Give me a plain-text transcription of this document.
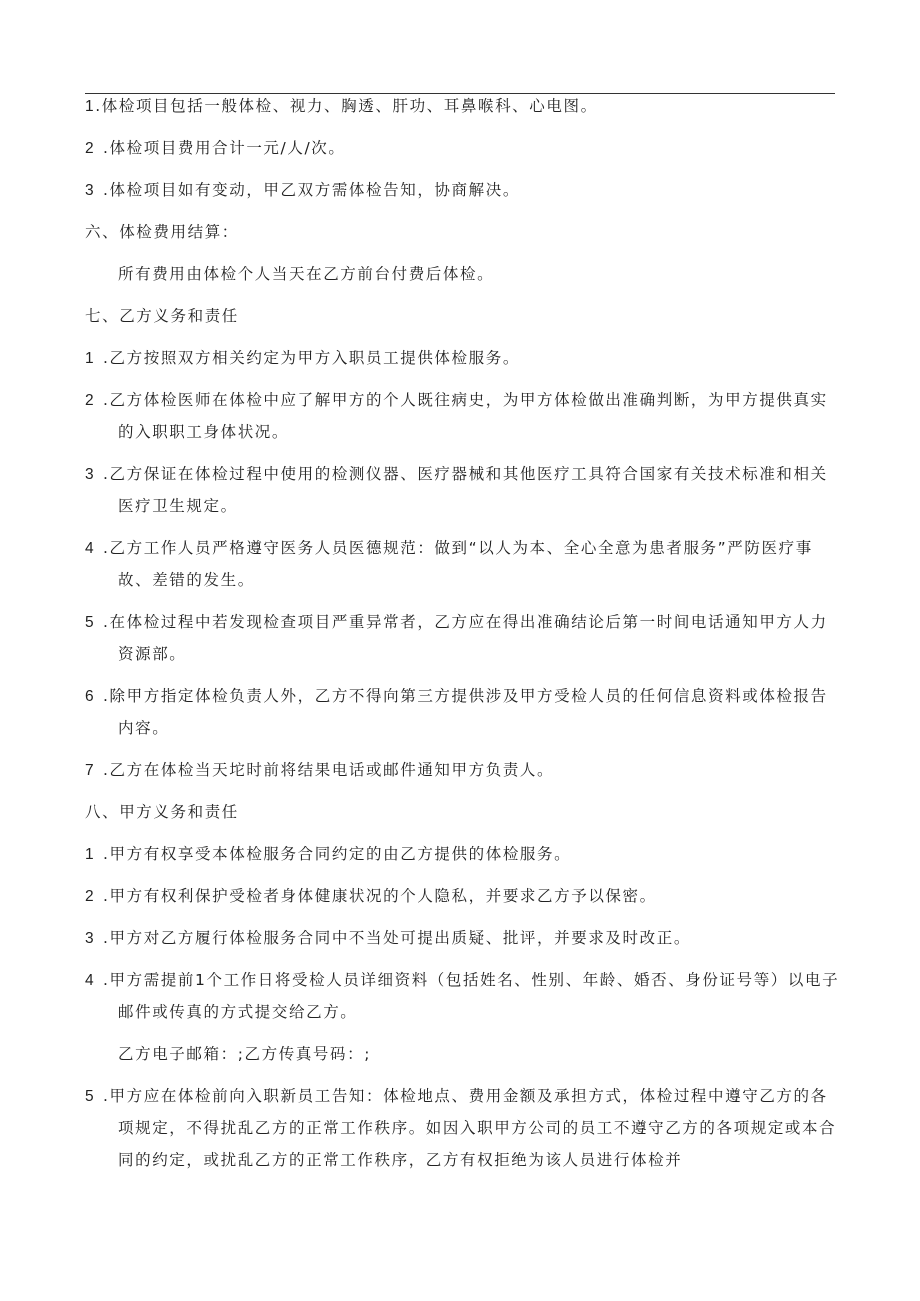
1.体检项目包括一般体检、视力、胸透、肝功、耳鼻喉科、心电图。
2 .体检项目费用合计一元/人/次。
3 .体检项目如有变动，甲乙双方需体检告知，协商解决。
六、体检费用结算：
所有费用由体检个人当天在乙方前台付费后体检。
七、乙方义务和责任
1 .乙方按照双方相关约定为甲方入职员工提供体检服务。
2 .乙方体检医师在体检中应了解甲方的个人既往病史，为甲方体检做出准确判断，为甲方提供真实
的入职职工身体状况。
3 .乙方保证在体检过程中使用的检测仪器、医疗器械和其他医疗工具符合国家有关技术标准和相关
医疗卫生规定。
4 .乙方工作人员严格遵守医务人员医德规范：做到“以人为本、全心全意为患者服务”严防医疗事
故、差错的发生。
5 .在体检过程中若发现检查项目严重异常者，乙方应在得出准确结论后第一时间电话通知甲方人力
资源部。
6 .除甲方指定体检负责人外，乙方不得向第三方提供涉及甲方受检人员的任何信息资料或体检报告
内容。
7 .乙方在体检当天坨时前将结果电话或邮件通知甲方负责人。
八、甲方义务和责任
1 .甲方有权享受本体检服务合同约定的由乙方提供的体检服务。
2 .甲方有权利保护受检者身体健康状况的个人隐私，并要求乙方予以保密。
3 .甲方对乙方履行体检服务合同中不当处可提出质疑、批评，并要求及时改正。
4 .甲方需提前1个工作日将受检人员详细资料（包括姓名、性别、年龄、婚否、身份证号等）以电子
邮件或传真的方式提交给乙方。
乙方电子邮箱：;乙方传真号码：;
5 .甲方应在体检前向入职新员工告知：体检地点、费用金额及承担方式，体检过程中遵守乙方的各
项规定，不得扰乱乙方的正常工作秩序。如因入职甲方公司的员工不遵守乙方的各项规定或本合
同的约定，或扰乱乙方的正常工作秩序，乙方有权拒绝为该人员进行体检并
